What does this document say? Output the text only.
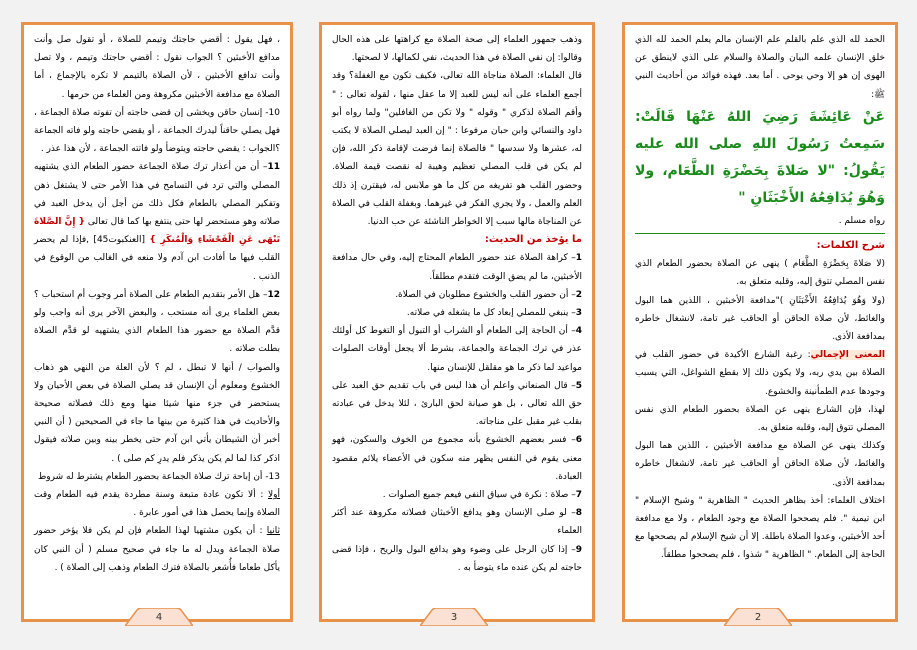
، فهل يقول : أقضي حاجتك وتيمم للصلاة ، أو تقول صل وأنت مدافع الأخبثين ؟ الجواب نقول : أقضي حاجتك وتيمم ، ولا تصل وأنت تدافع الأخبثين ، لأن الصلاة بالتيمم لا تكره بالإجماع ، أما الصلاة مع مدافعة الأخبثين مكروهة ومن العلماء من حرمها .

10- إنسان حاقن ويخشى إن قضى حاجته أن تفوته صلاة الجماعة ، فهل يصلي حاقناً ليدرك الجماعة ، أو يقضي حاجته ولو فاته الجماعة ؟الجواب : يقضي حاجته ويتوضأ ولو فاتته الجماعة ، لأن هذا عذر .

11– أن من أعذار ترك صلاة الجماعة حضور الطعام الذي يشتهيه المصلي والتي ترد في التسامح في هذا الأمر حتى لا يشتغل ذهن وتفكير المصلي بالطعام فكل ذلك من أجل أن يدخل العبد في صلاته وهو مستحضر لها حتى ينتفع بها كما قال تعالى { إِنَّ الصَّلاةَ تَنْهَى عَنِ الْفَحْشَاءِ وَالْمُنكَرِ } [العنكبوت45] ,فإذا لم يحضر القلب فيها ما أفادت ابن آدم ولا منعه في الغالب من الوقوع في الذنب .

12– هل الأمر بتقديم الطعام على الصلاة أمر وجوب أم استحباب ؟ بعض العلماء يرى أنه مستحب ، والبعض الآخر يرى أنه واجب ولو قدَّم الصلاة مع حضور هذا الطعام الذي يشتهيه لو قدَّم الصلاة بطلت صلاته .

والصواب / أنها لا تبطل ، لم ؟ لأن العلة من النهي هو ذهاب الخشوع ومعلوم أن الإنسان قد يصلي الصلاة في بعض الأحيان ولا يستحضر في جزء منها شيئا منها ومع ذلك فصلاته صحيحة والأحاديث في هذا كثيرة من بينها ما جاء في الصحيحين ( أن النبي أخبر أن الشيطان يأتي ابن آدم حتى يخطر بينه وبين صلاته فيقول اذكر كذا لما لم يكن يذكر فلم يدرِ كم صلى ) .

13- أن إباحة ترك صلاة الجماعة بحضور الطعام يشترط له شروط

أولا : ألا تكون عادة متبعة وسنة مطردة يقدم فيه الطعام وقت الصلاة وإنما يحصل هذا في أمور عابرة .

ثانيا : أن يكون مشتهيا لهذا الطعام فإن لم يكن فلا يؤخر حضور صلاة الجماعة ويدل له ما جاء في صحيح مسلم ( أن النبي كان يأكل طعاما فأُشعر بالصلاة فترك الطعام وذهب إلى الصلاة ) .

وذهب جمهور العلماء إلى صحة الصلاة مع كراهتها على هذه الحال وقالوا: إن نفي الصلاة في هذا الحديث، نفي لكمالها، لا لصحتها.

قال العلماء: الصلاة مناجاة الله تعالى، فكيف تكون مع الغفلة؟ وقد أجمع العلماء على أنه ليس للعبد إلا ما عقل منها ، لقوله تعالى : " وأقم الصلاة لذكري " وقوله " ولا تكن من الغافلين" ولما رواه أبو داود والنسائي وابن حبان مرفوعا : " إن العبد ليصلي الصلاة لا يكتب له، عشرها ولا سدسها " فالصلاة إنما فرضت لإقامة ذكر الله، فإن لم يكن في قلب المصلي تعظيم وهيبة له نقصت قيمة الصلاة. وحضور القلب هو تفريغه من كل ما هو ملابس له، فيقترن إذ ذلك العلم والعمل ، ولا يجري الفكر في غيرهما. وبغفلة القلب في الصلاة عن المناجاة مالها سبب إلا الخواطر الناشئة عن حب الدنيا.

ما يؤخذ من الحديث:

1– كراهة الصلاة عند حضور الطعام المحتاج إليه، وفي حال مدافعة الأخبثين، ما لم يضق الوقت فتقدم مطلقاً.

2– أن حضور القلب والخشوع مطلوبان في الصلاة.

3– ينبغي للمصلي إبعاد كل ما يشغله في صلاته.

4– أن الحاجة إلى الطعام أو الشراب أو التبول أو التغوط كل أولئك عذر في ترك الجماعة والجماعة، بشرط ألا يجعل أوقات الصلوات مواعيد لما ذكر ما هو مقلقل للإنسان منها.

5– قال الصنعاني واعلم أن هذا ليس في باب تقديم حق العبد على حق الله تعالى ، بل هو صيانة لحق البارئ ، لئلا يدخل في عبادته بقلب غير مقبل على مناجاته.

6– فسر بعضهم الخشوع بأنه مجموع من الخوف والسكون، فهو معنى يقوم في النفس يظهر منه سكون في الأعضاء يلائم مقصود العبادة.

7– صلاة : نكرة في سياق النفي فيعم جميع الصلوات .

8– لو صلى الإنسان وهو يدافع الأخبثان فصلاته مكروهة عند أكثر العلماء

9– إذا كان الرجل على وضوء وهو يدافع البول والريح ، فإذا قضى حاجته لم يكن عنده ماء يتوضأ به .

الحمد لله الذي علم بالقلم علم الإنسان مالم يعلم الحمد لله الذي خلق الإنسان علمه البيان والصلاة والسلام على الذي لاينطق عن الهوى إن هو إلا وحي يوحى . أما بعد. فهذه فوائد من أحاديث النبي ﷺ:

عَنْ عَائِشَةَ رَضِيَ اللهُ عَنْهَا قَالَتْ: سَمِعتُ رَسُولَ اللهِ صلى الله عليه يَقُولُ: "لا صَلاةَ بِحَضْرَةِ الطَّعَام، ولا وَهُوَ يُدَافِعُهُ الأَخْبَثَانِ "

رواه مسلم .

شرح الكلمات:

(لا صَلاةَ بِحَضْرَةِ الطَّعَام ) ينهى عن الصلاة بحضور الطعام الذي نفس المصلي تتوق إليه، وقلبه متعلق به.

(ولا وَهُوَ يُدَافِعُهُ الأَخْبَثَانِ )"مدافعة الأخبثين ، اللذين هما البول والغائط، لأن صلاة الحاقن أو الحاقب غير تامة، لانشغال خاطره بمدافعة الأذى.

المعنى الإجمالي: رغبة الشارع الأكيدة في حضور القلب في الصلاة بين يدي ربه، ولا يكون ذلك إلا بقطع الشواغل، التي يسبب وجودها عدم الطمأنينة والخشوع.

لهذا، فإن الشارع ينهى عن الصلاة بحضور الطعام الذي نفس المصلي تتوق إليه، وقلبه متعلق به.

وكذلك ينهى عن الصلاة مع مدافعة الأخبثين ، اللذين هما البول والغائط، لأن صلاة الحاقن أو الحاقب غير تامة، لانشغال خاطره بمدافعة الأذى.

اختلاف العلماء: أخذ بظاهر الحديث " الظاهرية " وشيخ الإسلام " ابن تيمية ". فلم يصححوا الصلاة مع وجود الطعام ، ولا مع مدافعة أحد الأخبثين، وعدوا الصلاة باطلة. إلا أن شيخ الإسلام لم يصححها مع الحاجة إلى الطعام. " الظاهرية " شذوا ، فلم يصححوا مطلقاً.

4	3	2
